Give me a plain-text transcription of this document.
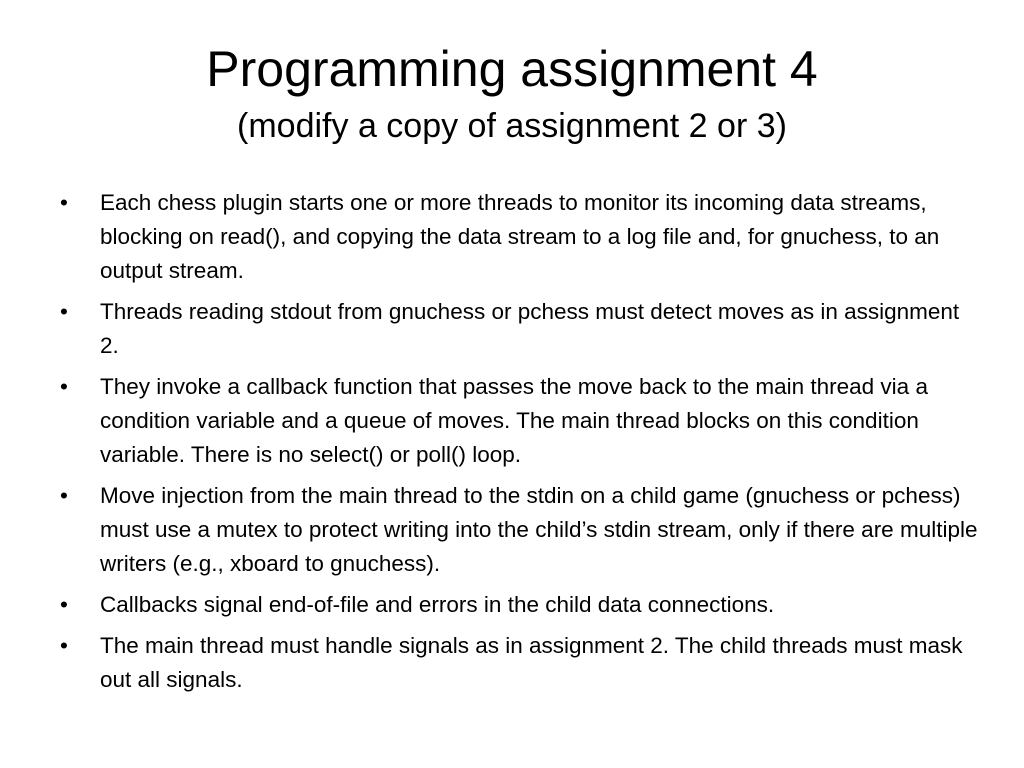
Programming assignment 4
(modify a copy of assignment 2 or 3)
•	Each chess plugin starts one or more threads to monitor its incoming data streams, blocking on read(), and copying the data stream to a log file and, for gnuchess, to an output stream.
•	Threads reading stdout from gnuchess or pchess must detect moves as in assignment 2.
•	They invoke a callback function that passes the move back to the main thread via a condition variable and a queue of moves. The main thread blocks on this condition variable. There is no select() or poll() loop.
•	Move injection from the main thread to the stdin on a child game (gnuchess or pchess) must use a mutex to protect writing into the child’s stdin stream, only if there are multiple writers (e.g., xboard to gnuchess).
•	Callbacks signal end-of-file and errors in the child data connections.
•	The main thread must handle signals as in assignment 2. The child threads must mask out all signals.
